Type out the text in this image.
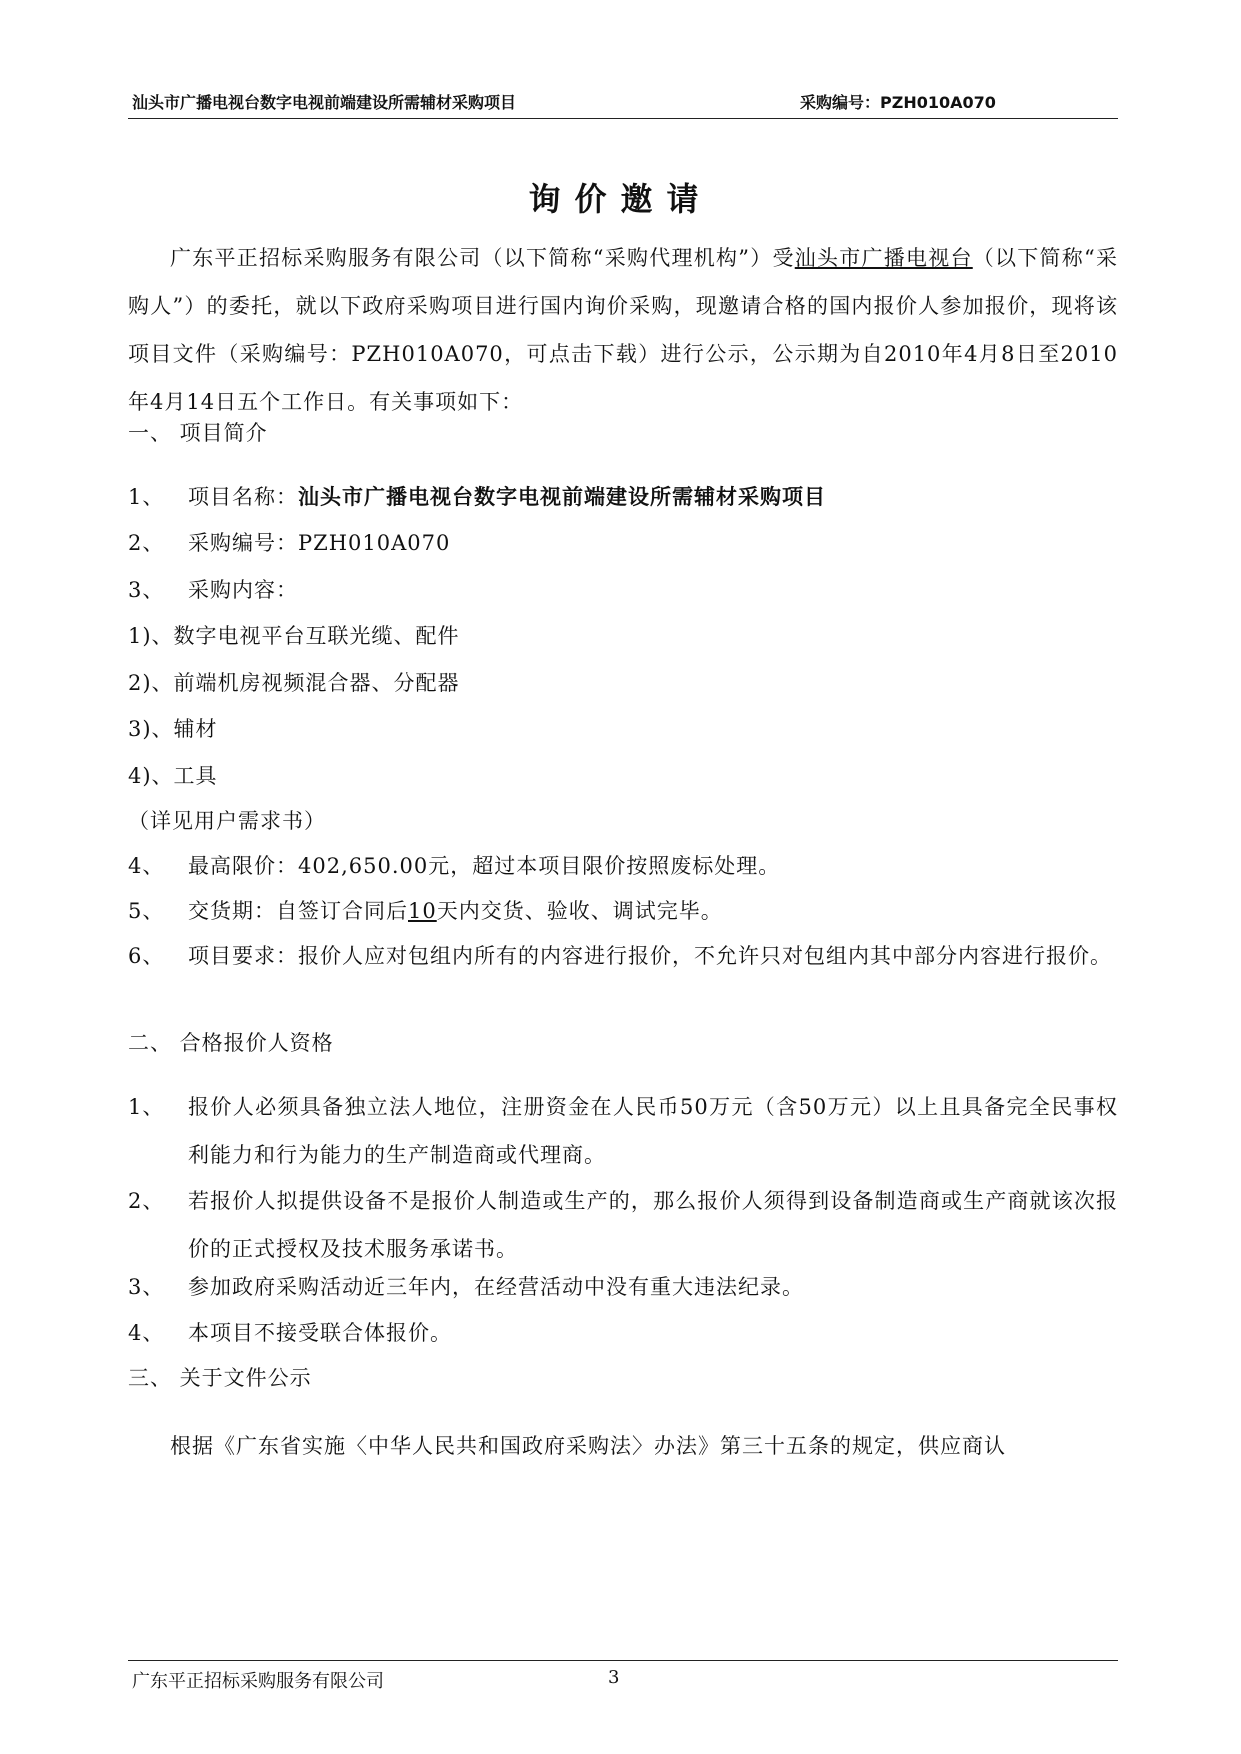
汕头市广播电视台数字电视前端建设所需辅材采购项目	采购编号：PZH010A070
询价邀请
广东平正招标采购服务有限公司（以下简称“采购代理机构”）受汕头市广播电视台（以下简称“采购人”）的委托，就以下政府采购项目进行国内询价采购，现邀请合格的国内报价人参加报价，现将该项目文件（采购编号：PZH010A070，可点击下载）进行公示，公示期为自2010年4月8日至2010年4月14日五个工作日。有关事项如下：
一、 项目简介
1、 项目名称：汕头市广播电视台数字电视前端建设所需辅材采购项目
2、 采购编号：PZH010A070
3、 采购内容：
1)、数字电视平台互联光缆、配件
2)、前端机房视频混合器、分配器
3)、辅材
4)、工具
（详见用户需求书）
4、 最高限价：402,650.00元，超过本项目限价按照废标处理。
5、 交货期：自签订合同后10天内交货、验收、调试完毕。
6、 项目要求：报价人应对包组内所有的内容进行报价，不允许只对包组内其中部分内容进行报价。
二、 合格报价人资格
1、 报价人必须具备独立法人地位，注册资金在人民币50万元（含50万元）以上且具备完全民事权利能力和行为能力的生产制造商或代理商。
2、 若报价人拟提供设备不是报价人制造或生产的，那么报价人须得到设备制造商或生产商就该次报价的正式授权及技术服务承诺书。
3、 参加政府采购活动近三年内，在经营活动中没有重大违法纪录。
4、 本项目不接受联合体报价。
三、 关于文件公示
根据《广东省实施〈中华人民共和国政府采购法〉办法》第三十五条的规定，供应商认
广东平正招标采购服务有限公司	3
